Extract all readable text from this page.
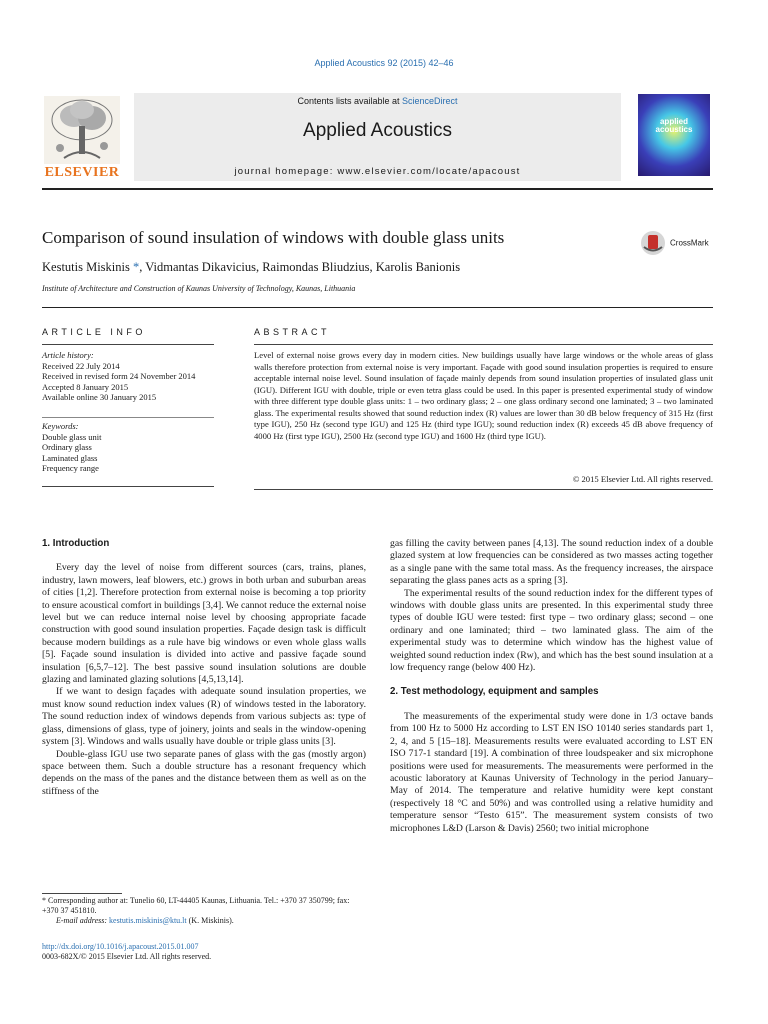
Applied Acoustics 92 (2015) 42–46
ELSEVIER
Contents lists available at ScienceDirect
Applied Acoustics
journal homepage: www.elsevier.com/locate/apacoust
applied acoustics
Comparison of sound insulation of windows with double glass units	CrossMark
Kestutis Miskinis *, Vidmantas Dikavicius, Raimondas Bliudzius, Karolis Banionis
Institute of Architecture and Construction of Kaunas University of Technology, Kaunas, Lithuania
ARTICLE INFO
Article history:
Received 22 July 2014
Received in revised form 24 November 2014
Accepted 8 January 2015
Available online 30 January 2015
Keywords:
Double glass unit
Ordinary glass
Laminated glass
Frequency range
ABSTRACT
Level of external noise grows every day in modern cities. New buildings usually have large windows or the whole areas of glass walls therefore protection from external noise is very important. Façade with good sound insulation properties is required to ensure acceptable internal noise level. Sound insulation of façade mainly depends from sound insulation properties of insulated glass unit (IGU). Different IGU with double, triple or even tetra glass could be used. In this paper is presented experimental study of window with three different type double glass units: 1 – two ordinary glass; 2 – one glass ordinary second one laminated; 3 – two laminated glass. The experimental results showed that sound reduction index (R) values are lower than 30 dB below frequency of 315 Hz (first type IGU), 250 Hz (second type IGU) and 125 Hz (third type IGU); sound reduction index (R) exceeds 45 dB above frequency of 4000 Hz (first type IGU), 2500 Hz (second type IGU) and 1600 Hz (third type IGU).
© 2015 Elsevier Ltd. All rights reserved.
1. Introduction

Every day the level of noise from different sources (cars, trains, planes, industry, lawn mowers, leaf blowers, etc.) grows in both urban and suburban areas of cities [1,2]. Therefore protection from external noise is becoming a top priority to ensure acoustical comfort in buildings [3,4]. We cannot reduce the external noise level but we can reduce internal noise level by choosing appropriate facade construction with good sound insulation properties. Façade design task is difficult because modern buildings as a rule have big windows or even whole glass walls [5]. Façade sound insulation is divided into active and passive façade sound insulation [6,5,7–12]. The best passive sound insulation solutions are double glazing and laminated glazing solutions [4,5,13,14].

If we want to design façades with adequate sound insulation properties, we must know sound reduction index values (R) of windows tested in the laboratory. The sound reduction index of windows depends from various subjects as: type of glass, dimensions of glass, type of joinery, joints and seals in the window-opening system [3]. Windows and walls usually have double or triple glass units [3].

Double-glass IGU use two separate panes of glass with the gas (mostly argon) space between them. Such a double structure has a resonant frequency which depends on the mass of the panes and the distance between them as well as on the stiffness of the

* Corresponding author at: Tunelio 60, LT-44405 Kaunas, Lithuania. Tel.: +370 37 350799; fax: +370 37 451810.
E-mail address: kestutis.miskinis@ktu.lt (K. Miskinis).
http://dx.doi.org/10.1016/j.apacoust.2015.01.007
0003-682X/© 2015 Elsevier Ltd. All rights reserved.

gas filling the cavity between panes [4,13]. The sound reduction index of a double glazed system at low frequencies can be considered as two masses acting together as a single pane with the same total mass. As the frequency increases, the airspace separating the glass panes acts as a spring [3].

The experimental results of the sound reduction index for the different types of windows with double glass units are presented. In this experimental study three types of double IGU were tested: first type – two ordinary glass; second – one ordinary and one laminated; third – two laminated glass. The aim of the experimental study was to determine which window has the highest value of weighted sound reduction index (Rw), and which has the best sound insulation at a low frequency range (below 400 Hz).

2. Test methodology, equipment and samples

The measurements of the experimental study were done in 1/3 octave bands from 100 Hz to 5000 Hz according to LST EN ISO 10140 series standards part 1, 2, 4, and 5 [15–18]. Measurements results were evaluated according to LST EN ISO 717-1 standard [19]. A combination of three loudspeaker and six microphone positions were used for measurements. The measurements were performed in the acoustic laboratory at Kaunas University of Technology in the period January–May of 2014. The temperature and relative humidity were kept constant (respectively 18 °C and 50%) and was controlled using a relative humidity and temperature sensor “Testo 615”. The measurement system consists of two microphones L&D (Larson & Davis) 2560; two initial microphone
